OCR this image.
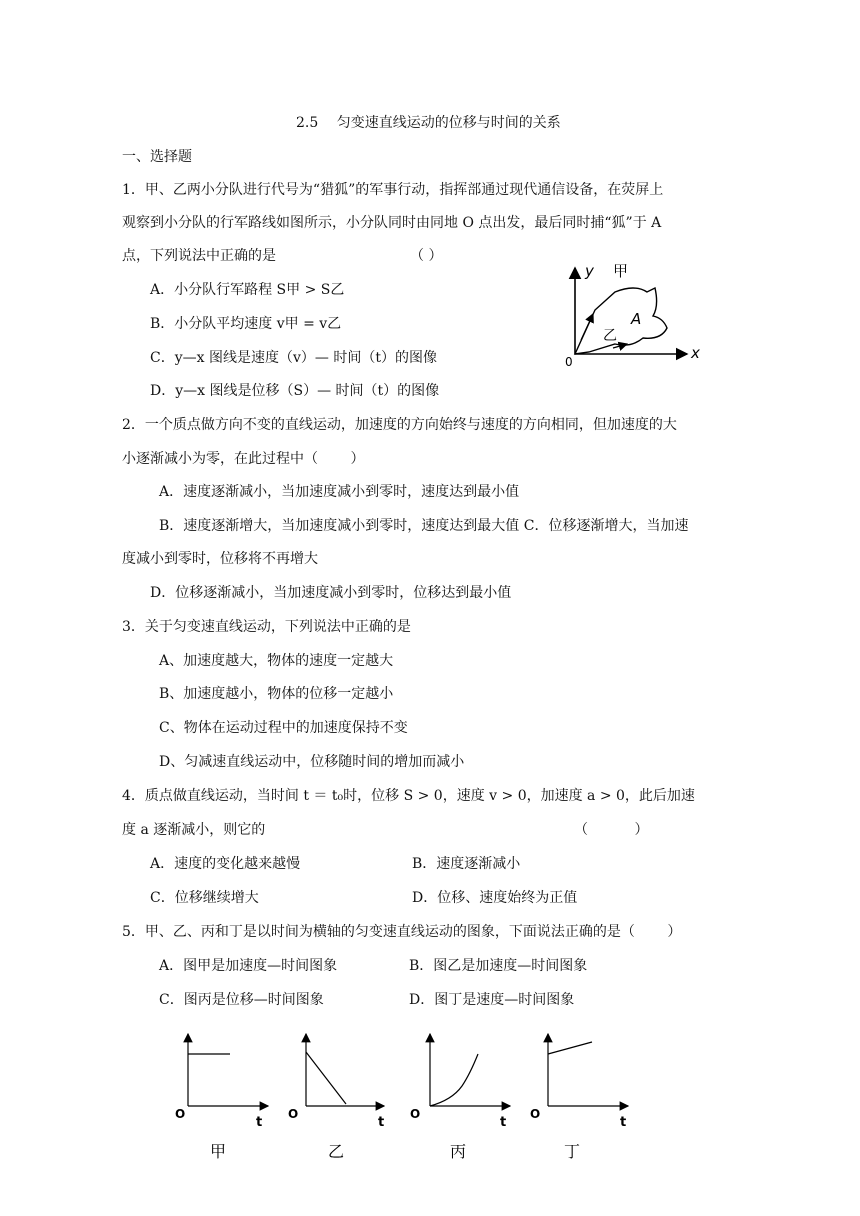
2.5　 匀变速直线运动的位移与时间的关系
一、选择题
1．甲、乙两小分队进行代号为“猎狐”的军事行动，指挥部通过现代通信设备，在荧屏上
观察到小分队的行军路线如图所示，小分队同时由同地 O 点出发，最后同时捕“狐”于 A
点，下列说法中正确的是	（ ）
A．小分队行军路程 S甲 > S乙
B．小分队平均速度 v甲 = v乙
C．y—x 图线是速度（v）— 时间（t）的图像
D．y—x 图线是位移（S）— 时间（t）的图像
y
x
0
甲
乙
A
2．一个质点做方向不变的直线运动，加速度的方向始终与速度的方向相同，但加速度的大
小逐渐减小为零，在此过程中（　　 ）
A．速度逐渐减小，当加速度减小到零时，速度达到最小值
B．速度逐渐增大，当加速度减小到零时，速度达到最大值 C．位移逐渐增大，当加速
度减小到零时，位移将不再增大
D．位移逐渐减小，当加速度减小到零时，位移达到最小值
3．关于匀变速直线运动，下列说法中正确的是
A、加速度越大，物体的速度一定越大
B、加速度越小，物体的位移一定越小
C、物体在运动过程中的加速度保持不变
D、匀减速直线运动中，位移随时间的增加而减小
4．质点做直线运动，当时间 t ＝ t₀时，位移 S > 0，速度 v > 0，加速度 a > 0，此后加速
度 a 逐渐减小，则它的	（　　　 ）
A．速度的变化越来越慢	B．速度逐渐减小
C．位移继续增大	D．位移、速度始终为正值
5．甲、乙、丙和丁是以时间为横轴的匀变速直线运动的图象，下面说法正确的是（　　 ）
A．图甲是加速度—时间图象	B．图乙是加速度—时间图象
C．图丙是位移—时间图象	D．图丁是速度—时间图象
O
t
甲
O
t
乙
O
t
丙
O
t
丁
